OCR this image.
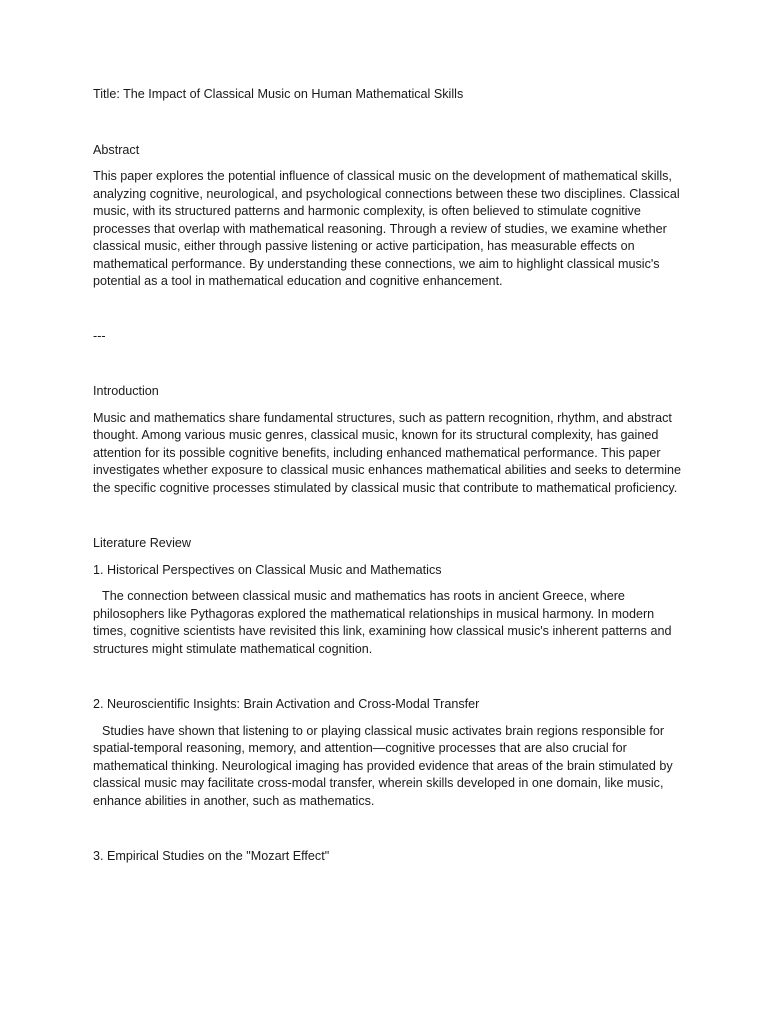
Title: The Impact of Classical Music on Human Mathematical Skills

Abstract

This paper explores the potential influence of classical music on the development of mathematical skills, analyzing cognitive, neurological, and psychological connections between these two disciplines. Classical music, with its structured patterns and harmonic complexity, is often believed to stimulate cognitive processes that overlap with mathematical reasoning. Through a review of studies, we examine whether classical music, either through passive listening or active participation, has measurable effects on mathematical performance. By understanding these connections, we aim to highlight classical music's potential as a tool in mathematical education and cognitive enhancement.

---

Introduction

Music and mathematics share fundamental structures, such as pattern recognition, rhythm, and abstract thought. Among various music genres, classical music, known for its structural complexity, has gained attention for its possible cognitive benefits, including enhanced mathematical performance. This paper investigates whether exposure to classical music enhances mathematical abilities and seeks to determine the specific cognitive processes stimulated by classical music that contribute to mathematical proficiency.

Literature Review

1. Historical Perspectives on Classical Music and Mathematics

The connection between classical music and mathematics has roots in ancient Greece, where philosophers like Pythagoras explored the mathematical relationships in musical harmony. In modern times, cognitive scientists have revisited this link, examining how classical music's inherent patterns and structures might stimulate mathematical cognition.

2. Neuroscientific Insights: Brain Activation and Cross-Modal Transfer

Studies have shown that listening to or playing classical music activates brain regions responsible for spatial-temporal reasoning, memory, and attention—cognitive processes that are also crucial for mathematical thinking. Neurological imaging has provided evidence that areas of the brain stimulated by classical music may facilitate cross-modal transfer, wherein skills developed in one domain, like music, enhance abilities in another, such as mathematics.

3. Empirical Studies on the "Mozart Effect"
